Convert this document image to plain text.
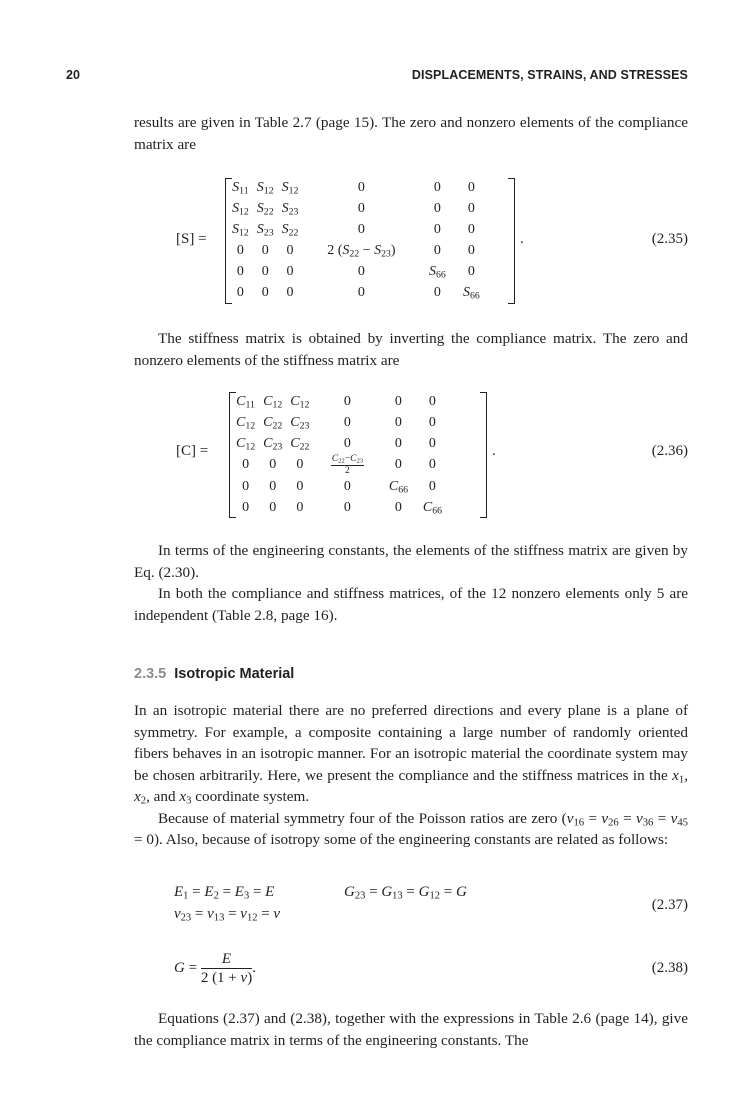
20	DISPLACEMENTS, STRAINS, AND STRESSES

results are given in Table 2.7 (page 15). The zero and nonzero elements of the compliance matrix are

[S] =
$S_{11}$	$S_{12}$	$S_{12}$	0	0	0
$S_{12}$	$S_{22}$	$S_{23}$	0	0	0
$S_{12}$	$S_{23}$	$S_{22}$	0	0	0
0	0	0	2 $(S_{22} - S_{23})$	0	0
0	0	0	0	$S_{66}$	0
0	0	0	0	0	$S_{66}$
.	(2.35)

The stiffness matrix is obtained by inverting the compliance matrix. The zero and nonzero elements of the stiffness matrix are

[C] =
$C_{11}$	$C_{12}$	$C_{12}$	0	0	0
$C_{12}$	$C_{22}$	$C_{23}$	0	0	0
$C_{12}$	$C_{23}$	$C_{22}$	0	0	0
0	0	0	$\frac{C_{22}-C_{23}}{2}$	0	0
0	0	0	0	$C_{66}$	0
0	0	0	0	0	$C_{66}$
.	(2.36)

In terms of the engineering constants, the elements of the stiffness matrix are given by Eq. (2.30).

In both the compliance and stiffness matrices, of the 12 nonzero elements only 5 are independent (Table 2.8, page 16).

2.3.5 Isotropic Material

In an isotropic material there are no preferred directions and every plane is a plane of symmetry. For example, a composite containing a large number of randomly oriented fibers behaves in an isotropic manner. For an isotropic material the coordinate system may be chosen arbitrarily. Here, we present the compliance and the stiffness matrices in the $x_1$, $x_2$, and $x_3$ coordinate system.

Because of material symmetry four of the Poisson ratios are zero $(\nu_{16} = \nu_{26} = \nu_{36} = \nu_{45} = 0)$. Also, because of isotropy some of the engineering constants are related as follows:

$E_1 = E_2 = E_3 = E$	$G_{23} = G_{13} = G_{12} = G$
$\nu_{23} = \nu_{13} = \nu_{12} = \nu$
(2.37)
$G = \frac{E}{2 (1 + \nu)}$ .	(2.38)

Equations (2.37) and (2.38), together with the expressions in Table 2.6 (page 14), give the compliance matrix in terms of the engineering constants. The
